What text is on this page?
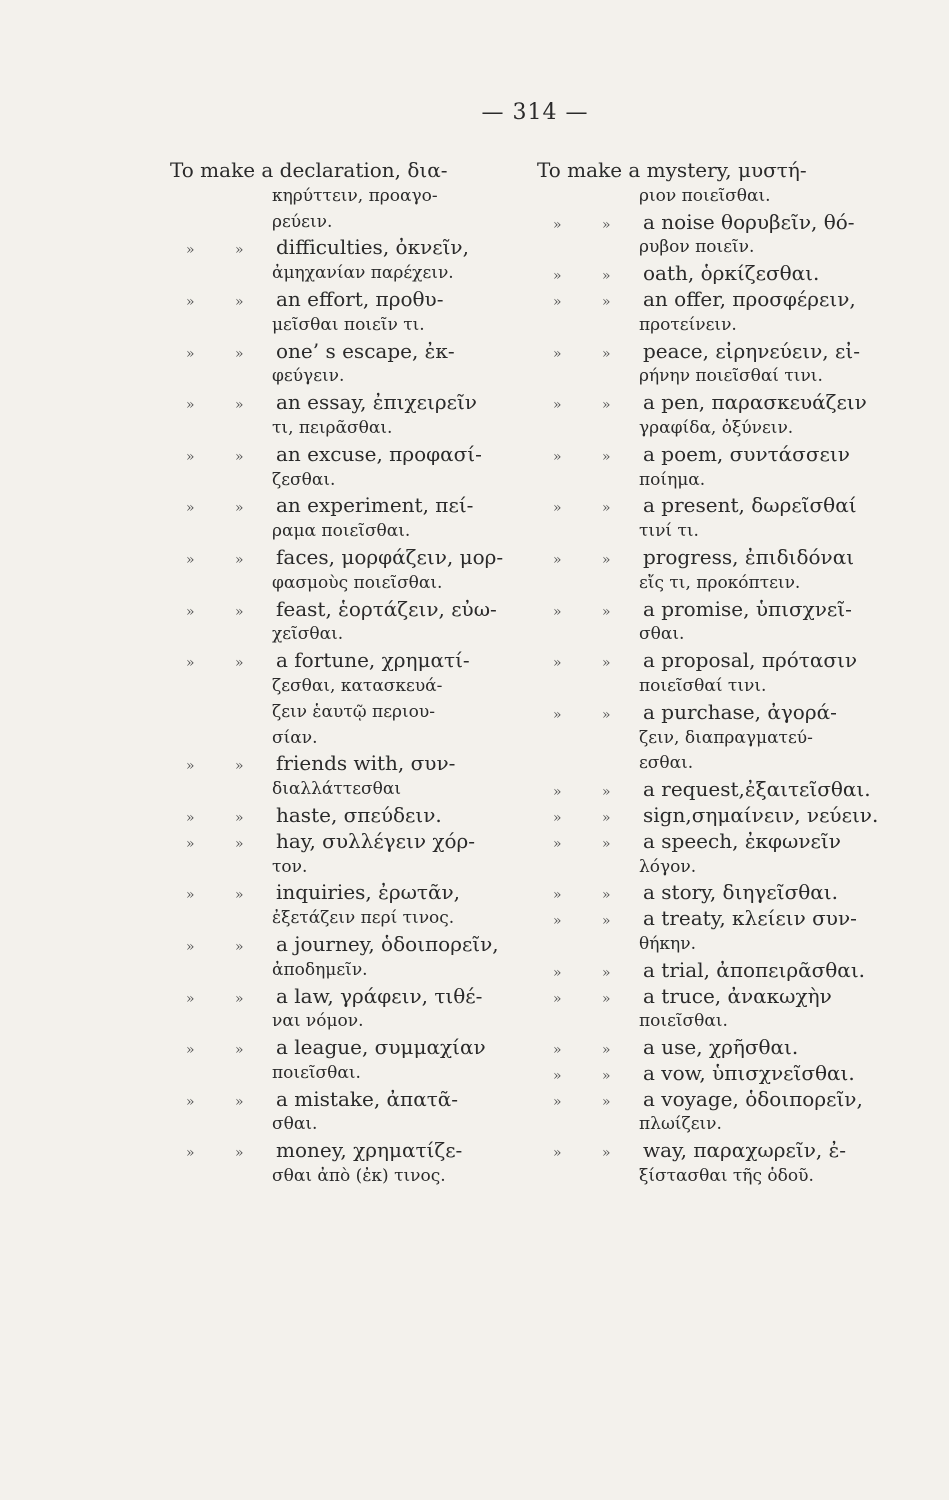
— 314 —
To make a declaration, δια-
κηρύττειν, προαγο-
ρεύειν.
» » difficulties, ὀκνεῖν,
ἀμηχανίαν παρέχειν.
» » an effort, προθυ-
μεῖσθαι ποιεῖν τι.
» » one’ s escape, ἐκ-
φεύγειν.
» » an essay, ἐπιχειρεῖν
τι, πειρᾶσθαι.
» » an excuse, προφασί-
ζεσθαι.
» » an experiment, πεί-
ραμα ποιεῖσθαι.
» » faces, μορφάζειν, μορ-
φασμοὺς ποιεῖσθαι.
» » feast, ἑορτάζειν, εὐω-
χεῖσθαι.
» » a fortune, χρηματί-
ζεσθαι, κατασκευά-
ζειν ἑαυτῷ περιου-
σίαν.
» » friends with, συν-
διαλλάττεσθαι
» » haste, σπεύδειν.
» » hay, συλλέγειν χόρ-
τον.
» » inquiries, ἐρωτᾶν,
ἐξετάζειν περί τινος.
» » a journey, ὁδοιπορεῖν,
ἀποδημεῖν.
» » a law, γράφειν, τιθέ-
ναι νόμον.
» » a league, συμμαχίαν
ποιεῖσθαι.
» » a mistake, ἀπατᾶ-
σθαι.
» » money, χρηματίζε-
σθαι ἀπὸ (ἐκ) τινος.
To make a mystery, μυστή-
ριον ποιεῖσθαι.
» » a noise θορυβεῖν, θό-
ρυβον ποιεῖν.
» » oath, ὁρκίζεσθαι.
» » an offer, προσφέρειν,
προτείνειν.
» » peace, εἰρηνεύειν, εἰ-
ρήνην ποιεῖσθαί τινι.
» » a pen, παρασκευάζειν
γραφίδα, ὀξύνειν.
» » a poem, συντάσσειν
ποίημα.
» » a present, δωρεῖσθαί
τινί τι.
» » progress, ἐπιδιδόναι
εἴς τι, προκόπτειν.
» » a promise, ὑπισχνεῖ-
σθαι.
» » a proposal, πρότασιν
ποιεῖσθαί τινι.
» » a purchase, ἀγορά-
ζειν, διαπραγματεύ-
εσθαι.
» » a request,ἐξαιτεῖσθαι.
» » sign,σημαίνειν, νεύειν.
» » a speech, ἐκφωνεῖν
λόγον.
» » a story, διηγεῖσθαι.
» » a treaty, κλείειν συν-
θήκην.
» » a trial, ἀποπειρᾶσθαι.
» » a truce, ἀνακωχὴν
ποιεῖσθαι.
» » a use, χρῆσθαι.
» » a vow, ὑπισχνεῖσθαι.
» » a voyage, ὁδοιπορεῖν,
πλωίζειν.
» » way, παραχωρεῖν, ἐ-
ξίστασθαι τῆς ὁδοῦ.
